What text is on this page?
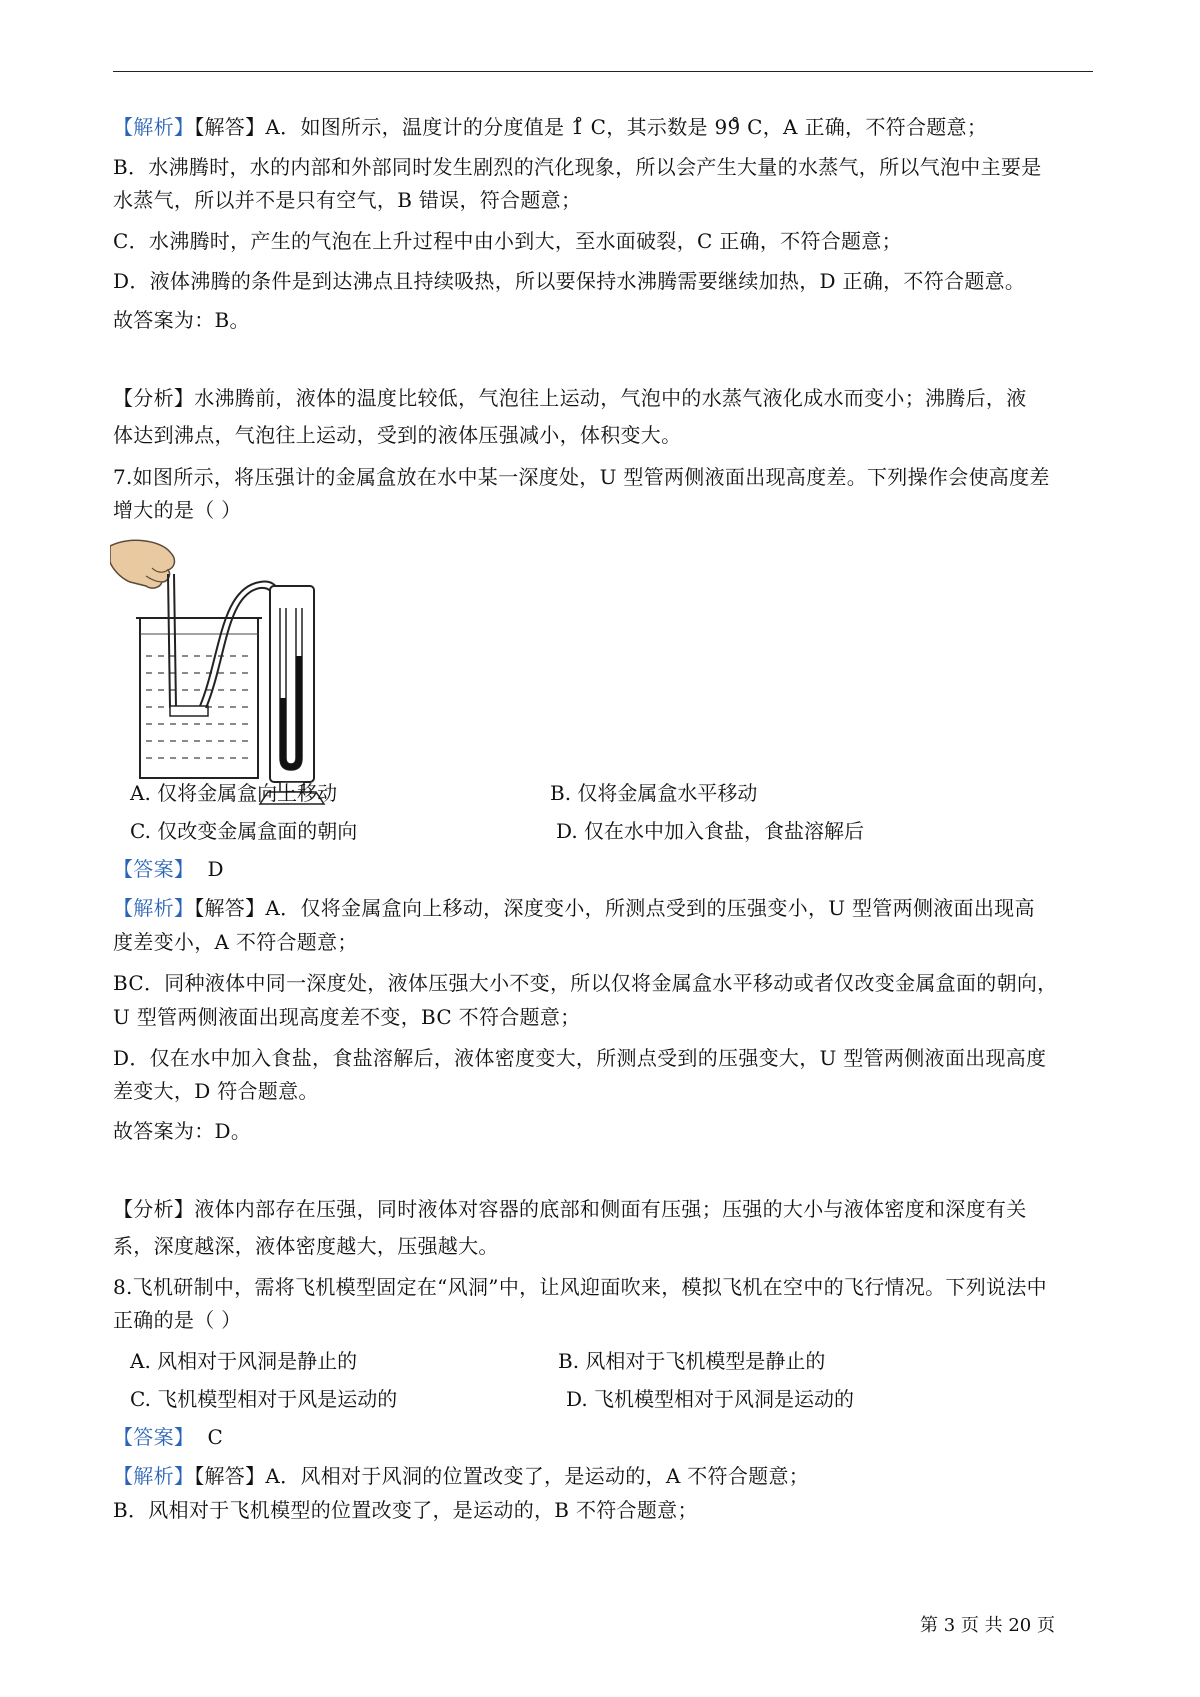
【解析】【解答】A．如图所示，温度计的分度值是 1̊ C，其示数是 99̊ C，A 正确，不符合题意；
B．水沸腾时，水的内部和外部同时发生剧烈的汽化现象，所以会产生大量的水蒸气，所以气泡中主要是
水蒸气，所以并不是只有空气，B 错误，符合题意；
C．水沸腾时，产生的气泡在上升过程中由小到大，至水面破裂，C 正确，不符合题意；
D．液体沸腾的条件是到达沸点且持续吸热，所以要保持水沸腾需要继续加热，D 正确，不符合题意。
故答案为：B。
【分析】水沸腾前，液体的温度比较低，气泡往上运动，气泡中的水蒸气液化成水而变小；沸腾后，液
体达到沸点，气泡往上运动，受到的液体压强减小，体积变大。
7.如图所示，将压强计的金属盒放在水中某一深度处，U 型管两侧液面出现高度差。下列操作会使高度差
增大的是（ ）
A. 仅将金属盒向上移动	B. 仅将金属盒水平移动
C. 仅改变金属盒面的朝向	D. 仅在水中加入食盐，食盐溶解后
【答案】 D
【解析】【解答】A．仅将金属盒向上移动，深度变小，所测点受到的压强变小，U 型管两侧液面出现高
度差变小，A 不符合题意；
BC．同种液体中同一深度处，液体压强大小不变，所以仅将金属盒水平移动或者仅改变金属盒面的朝向，
U 型管两侧液面出现高度差不变，BC 不符合题意；
D．仅在水中加入食盐，食盐溶解后，液体密度变大，所测点受到的压强变大，U 型管两侧液面出现高度
差变大，D 符合题意。
故答案为：D。
【分析】液体内部存在压强，同时液体对容器的底部和侧面有压强；压强的大小与液体密度和深度有关
系，深度越深，液体密度越大，压强越大。
8.飞机研制中，需将飞机模型固定在“风洞”中，让风迎面吹来，模拟飞机在空中的飞行情况。下列说法中
正确的是（ ）
A. 风相对于风洞是静止的	B. 风相对于飞机模型是静止的
C. 飞机模型相对于风是运动的	D. 飞机模型相对于风洞是运动的
【答案】 C
【解析】【解答】A．风相对于风洞的位置改变了，是运动的，A 不符合题意；
B．风相对于飞机模型的位置改变了，是运动的，B 不符合题意；
第 3 页 共 20 页
